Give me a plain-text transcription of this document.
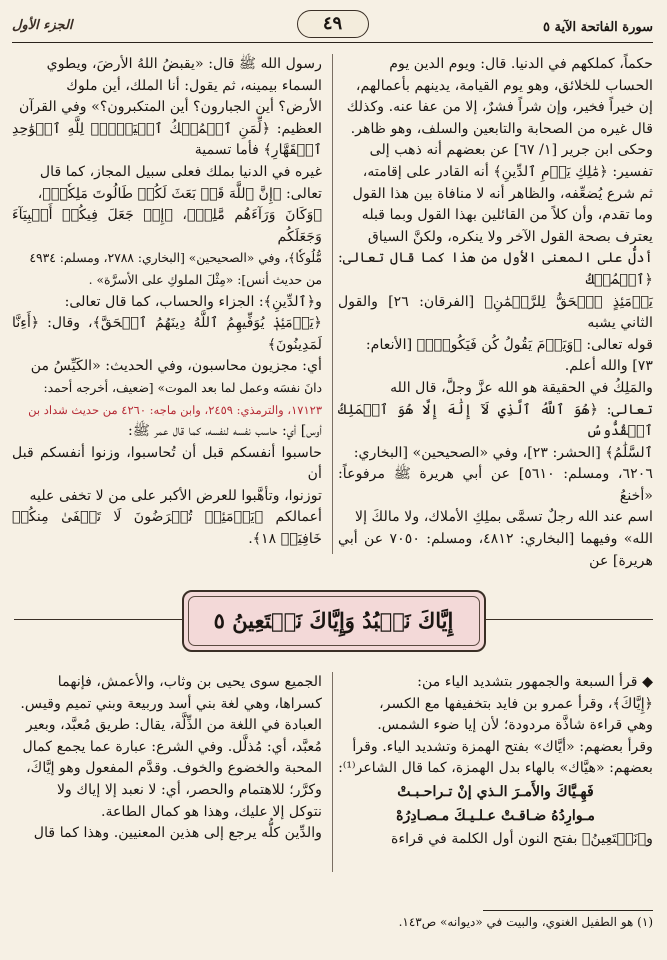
سورة الفاتحة الآية ٥
٤٩
الجزء الأول

حكماً، كملكهم في الدنيا. قال: ويوم الدين يوم

الحساب للخلائق، وهو يوم القيامة، يدينهم بأعمالهم،

إن خيراً فخير، وإن شراً فشرٌ، إلا من عفا عنه. وكذلك

قال غيره من الصحابة والتابعين والسلف، وهو ظاهر.

وحكى ابن جرير [١/ ٦٧] عن بعضهم أنه ذهب إلى

تفسير: ﴿مَٰلِكِ يَوۡمِ ٱلدِّينِ﴾ أنه القادر على إقامته،

ثم شرع يُضعِّفه، والظاهر أنه لا منافاة بين هذا القول

وما تقدم، وأن كلاً من القائلين بهذا القول وبما قبله

يعترف بصحة القول الآخر ولا ينكره، ولكنَّ السياق

أدلُّ على المعنى الأول من هذا كما قال تعالى: ﴿ٱلۡمُلۡكُ

يَوۡمَئِذٍ ٱلۡحَقُّ لِلرَّحۡمَٰنِ﴾ [الفرقان: ٢٦] والقول الثاني يشبه

قوله تعالى: ﴿وَيَوۡمَ يَقُولُ كُن فَيَكُونُۚ﴾ [الأنعام:

٧٣] والله أعلم.

والمَلِكُ في الحقيقة هو الله عزَّ وجلَّ، قال الله

تعالى: ﴿هُوَ ٱللَّهُ ٱلَّذِي لَآ إِلَٰهَ إِلَّا هُوَ ٱلۡمَلِكُ ٱلۡقُدُّوسُ

ٱلسَّلَٰمُ﴾ [الحشر: ٢٣]، وفي «الصحيحين» [البخاري:

٦٢٠٦، ومسلم: ٥٦١٠] عن أبي هريرة ﷺ مرفوعاً: «أخنعُ

اسم عند الله رجلٌ تسمَّى بملِكِ الأملاك، ولا مالكَ إلا

الله» وفيهما [البخاري: ٤٨١٢، ومسلم: ٧٠٥٠ عن أبي هريرة] عن

رسول الله ﷺ قال: «يقبضُ اللهُ الأرضَ، ويطوي

السماء بيمينه، ثم يقول: أنا الملك، أين ملوك

الأرض؟ أين الجبارون؟ أين المتكبرون؟» وفي القرآن

العظيم: ﴿لِّمَنِ ٱلۡمُلۡكُ ٱلۡيَوۡمَۖ لِلَّهِ ٱلۡوَٰحِدِ ٱلۡقَهَّارِ﴾ فأما تسمية

غيره في الدنيا بملك فعلى سبيل المجاز، كما قال

تعالى: ﴿إِنَّ ٱللَّهَ قَدۡ بَعَثَ لَكُمۡ طَالُوتَ مَلِكٗاۚ﴾،

﴿وَكَانَ وَرَآءَهُم مَّلِكٞ﴾، ﴿إِذۡ جَعَلَ فِيكُمۡ أَنۢبِيَآءَ وَجَعَلَكُم

مُّلُوكٗا﴾، وفي «الصحيحين» [البخاري: ٢٧٨٨، ومسلم: ٤٩٣٤

من حديث أنس]: «مِثْلَ الملوكِ على الأسرَّة» .

و﴿ٱلدِّينِ﴾: الجزاء والحساب، كما قال تعالى:

﴿يَوۡمَئِذٖ يُوَفِّيهِمُ ٱللَّهُ دِينَهُمُ ٱلۡحَقَّ﴾، وقال: ﴿أَءِنَّا لَمَدِينُونَ﴾

أي: مجزيون محاسبون، وفي الحديث: «الكَيِّسُ من

دانَ نفسَه وعمل لما بعد الموت» [ضعيف، أخرجه أحمد:

١٧١٢٣، والترمذي: ٢٤٥٩، وابن ماجه: ٤٢٦٠ من حديث شداد بن

أوس] أي: حاسب نفسه لنفسه، كما قال عمر ﷺ:

حاسبوا أنفسكم قبل أن تُحاسبوا، وزنوا أنفسكم قبل أن

توزنوا، وتأهَّبوا للعرض الأكبر على من لا تخفى عليه

أعمالكم ﴿يَوۡمَئِذٖ تُعۡرَضُونَ لَا تَخۡفَىٰ مِنكُمۡ خَافِيَةٞ ١٨﴾.

إِيَّاكَ نَعۡبُدُ وَإِيَّاكَ نَسۡتَعِينُ ٥

◆ قرأ السبعة والجمهور بتشديد الياء من:

﴿إِيَّاكَ﴾، وقرأ عمرو بن فايد بتخفيفها مع الكسر،

وهي قراءة شاذَّة مردودة؛ لأن إيا ضوء الشمس.

وقرأ بعضهم: «أيَّاك» بفتح الهمزة وتشديد الياء. وقرأ

بعضهم: «هيَّاك» بالهاء بدل الهمزة، كما قال الشاعر⁽¹⁾:

فَهِـيَّاكَ والأَمـرَ الـذي إنْ تـراحـبـتْ

مـوارِدُهُ ضـاقـتْ عـلـيـكَ مـصـادِرُهْ

و﴿نَسۡتَعِينُ﴾ بفتح النون أول الكلمة في قراءة

الجميع سوى يحيى بن وثاب، والأعمش، فإنهما

كسراها، وهي لغة بني أسد وربيعة وبني تميم وقيس.

العبادة في اللغة من الذِّلَّة، يقال: طريق مُعبَّد، وبعير

مُعبَّد، أي: مُذلَّل. وفي الشرع: عبارة عما يجمع كمال

المحبة والخضوع والخوف. وقدَّم المفعول وهو إيَّاكَ،

وكرَّر؛ للاهتمام والحصر، أي: لا نعبد إلا إياك ولا

نتوكل إلا عليك، وهذا هو كمال الطاعة.

والدِّين كلُّه يرجع إلى هذين المعنيين. وهذا كما قال

(١) هو الطفيل الغنوي، والبيت في «ديوانه» ص١٤٣.
